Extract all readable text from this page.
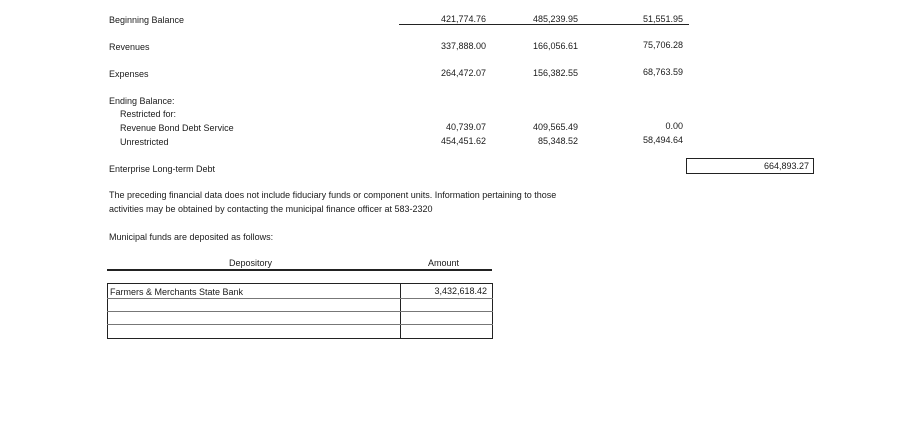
Beginning Balance	421,774.76	485,239.95	51,551.95
Revenues	337,888.00	166,056.61	75,706.28
Expenses	264,472.07	156,382.55	68,763.59
Ending Balance:
Restricted for:
Revenue Bond Debt Service	40,739.07	409,565.49	0.00
Unrestricted	454,451.62	85,348.52	58,494.64
Enterprise Long-term Debt	664,893.27
The preceding financial data does not include fiduciary funds or component units. Information pertaining to those
activities may be obtained by contacting the municipal finance officer at 583-2320
Municipal funds are deposited as follows:
Depository	Amount
Farmers & Merchants State Bank	3,432,618.42
